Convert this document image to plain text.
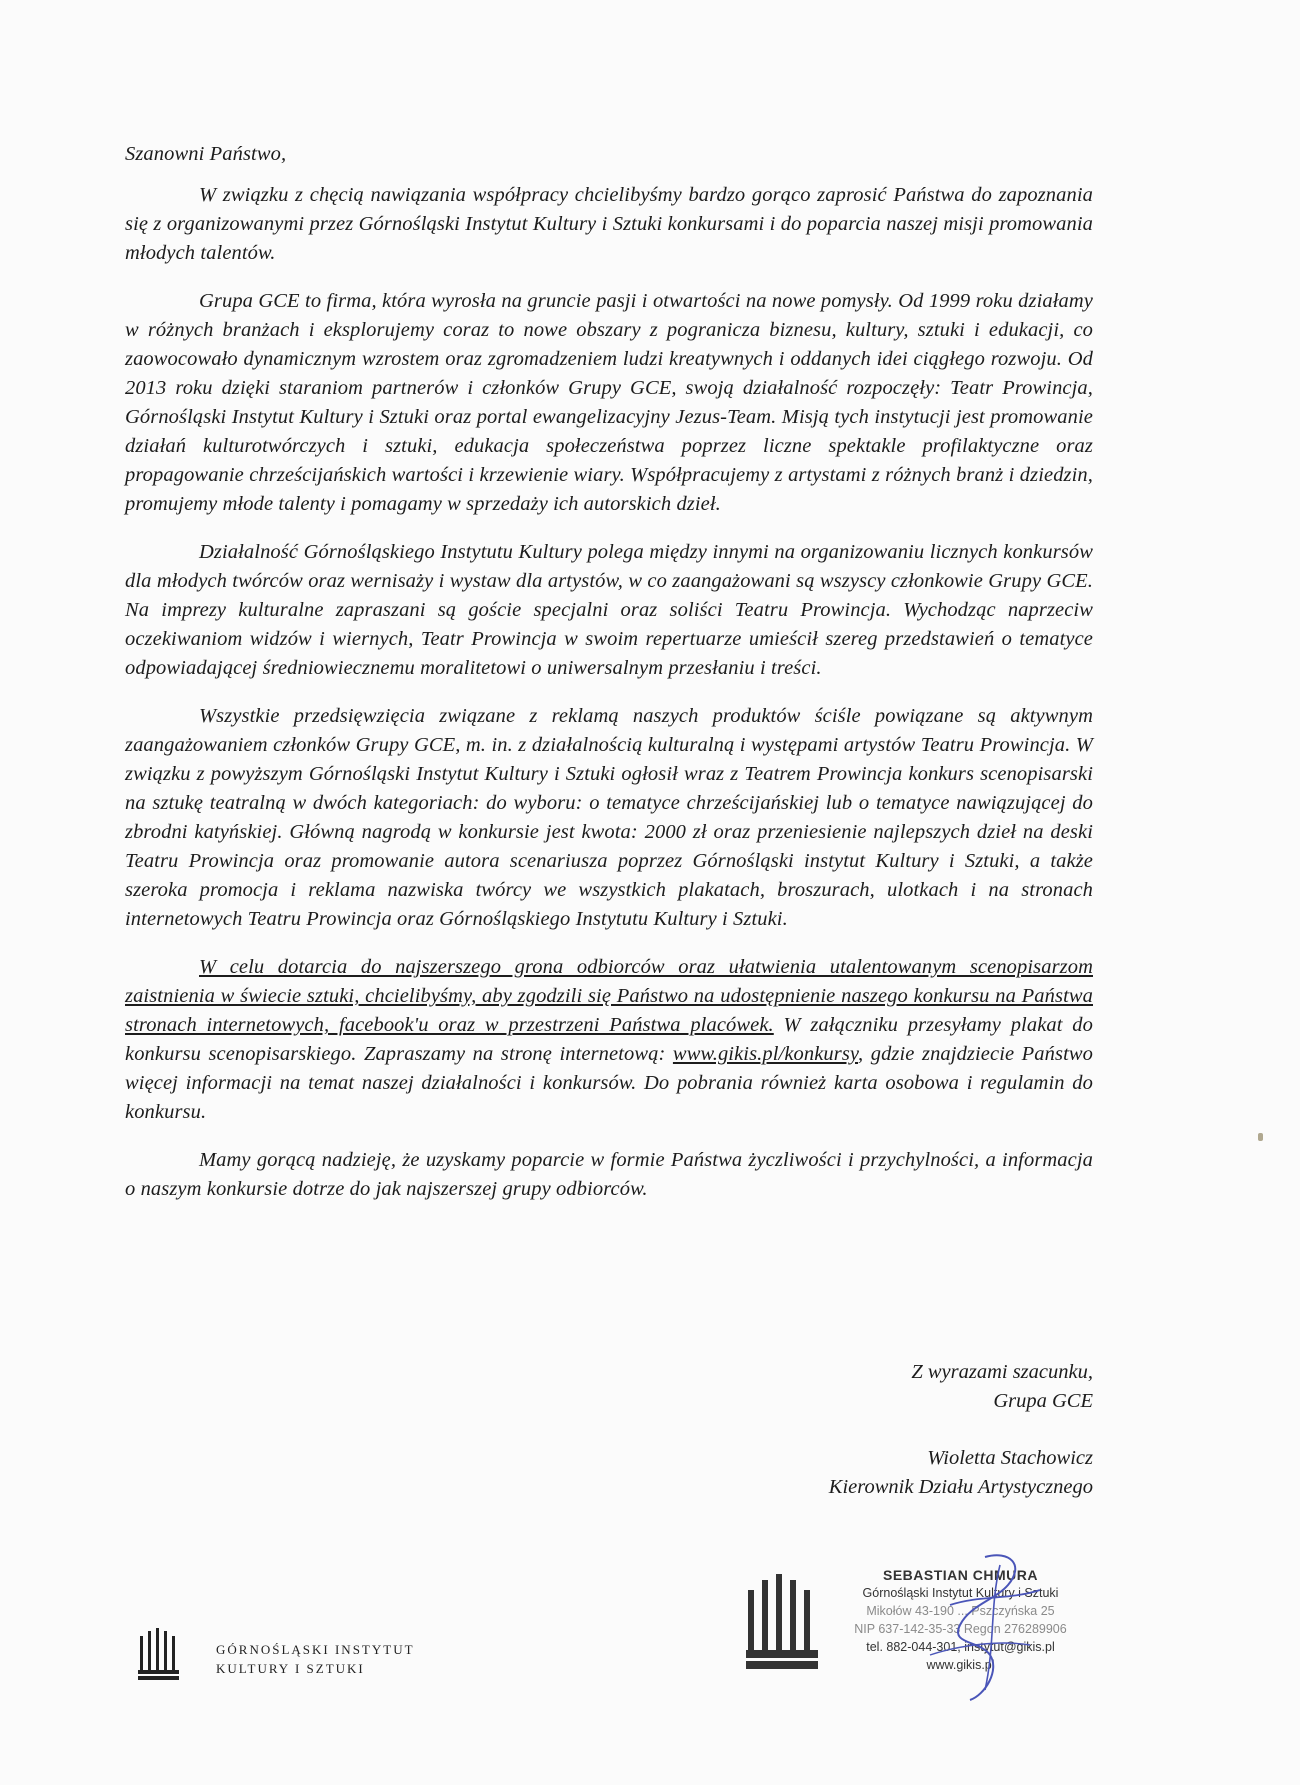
Szanowni Państwo,

W związku z chęcią nawiązania współpracy chcielibyśmy bardzo gorąco zaprosić Państwa do zapoznania się z organizowanymi przez Górnośląski Instytut Kultury i Sztuki konkursami i do poparcia naszej misji promowania młodych talentów.

Grupa GCE to firma, która wyrosła na gruncie pasji i otwartości na nowe pomysły. Od 1999 roku działamy w różnych branżach i eksplorujemy coraz to nowe obszary z pogranicza biznesu, kultury, sztuki i edukacji, co zaowocowało dynamicznym wzrostem oraz zgromadzeniem ludzi kreatywnych i oddanych idei ciągłego rozwoju. Od 2013 roku dzięki staraniom partnerów i członków Grupy GCE, swoją działalność rozpoczęły: Teatr Prowincja, Górnośląski Instytut Kultury i Sztuki oraz portal ewangelizacyjny Jezus-Team. Misją tych instytucji jest promowanie działań kulturotwórczych i sztuki, edukacja społeczeństwa poprzez liczne spektakle profilaktyczne oraz propagowanie chrześcijańskich wartości i krzewienie wiary. Współpracujemy z artystami z różnych branż i dziedzin, promujemy młode talenty i pomagamy w sprzedaży ich autorskich dzieł.

Działalność Górnośląskiego Instytutu Kultury polega między innymi na organizowaniu licznych konkursów dla młodych twórców oraz wernisaży i wystaw dla artystów, w co zaangażowani są wszyscy członkowie Grupy GCE. Na imprezy kulturalne zapraszani są goście specjalni oraz soliści Teatru Prowincja. Wychodząc naprzeciw oczekiwaniom widzów i wiernych, Teatr Prowincja w swoim repertuarze umieścił szereg przedstawień o tematyce odpowiadającej średniowiecznemu moralitetowi o uniwersalnym przesłaniu i treści.

Wszystkie przedsięwzięcia związane z reklamą naszych produktów ściśle powiązane są aktywnym zaangażowaniem członków Grupy GCE, m. in. z działalnością kulturalną i występami artystów Teatru Prowincja. W związku z powyższym Górnośląski Instytut Kultury i Sztuki ogłosił wraz z Teatrem Prowincja konkurs scenopisarski na sztukę teatralną w dwóch kategoriach: do wyboru: o tematyce chrześcijańskiej lub o tematyce nawiązującej do zbrodni katyńskiej. Główną nagrodą w konkursie jest kwota: 2000 zł oraz przeniesienie najlepszych dzieł na deski Teatru Prowincja oraz promowanie autora scenariusza poprzez Górnośląski instytut Kultury i Sztuki, a także szeroka promocja i reklama nazwiska twórcy we wszystkich plakatach, broszurach, ulotkach i na stronach internetowych Teatru Prowincja oraz Górnośląskiego Instytutu Kultury i Sztuki.

W celu dotarcia do najszerszego grona odbiorców oraz ułatwienia utalentowanym scenopisarzom zaistnienia w świecie sztuki, chcielibyśmy, aby zgodzili się Państwo na udostępnienie naszego konkursu na Państwa stronach internetowych, facebook'u oraz w przestrzeni Państwa placówek. W załączniku przesyłamy plakat do konkursu scenopisarskiego. Zapraszamy na stronę internetową: www.gikis.pl/konkursy, gdzie znajdziecie Państwo więcej informacji na temat naszej działalności i konkursów. Do pobrania również karta osobowa i regulamin do konkursu.

Mamy gorącą nadzieję, że uzyskamy poparcie w formie Państwa życzliwości i przychylności, a informacja o naszym konkursie dotrze do jak najszerszej grupy odbiorców.

Z wyrazami szacunku,
Grupa GCE
Wioletta Stachowicz
Kierownik Działu Artystycznego
GÓRNOŚLĄSKI INSTYTUT
KULTURY I SZTUKI
SEBASTIAN CHMURA
Górnośląski Instytut Kultury i Sztuki
Mikołów 43-190 ... Pszczyńska 25
NIP 637-142-35-33 Regon 276289906
tel. 882-044-301, instytut@gikis.pl
www.gikis.pl
